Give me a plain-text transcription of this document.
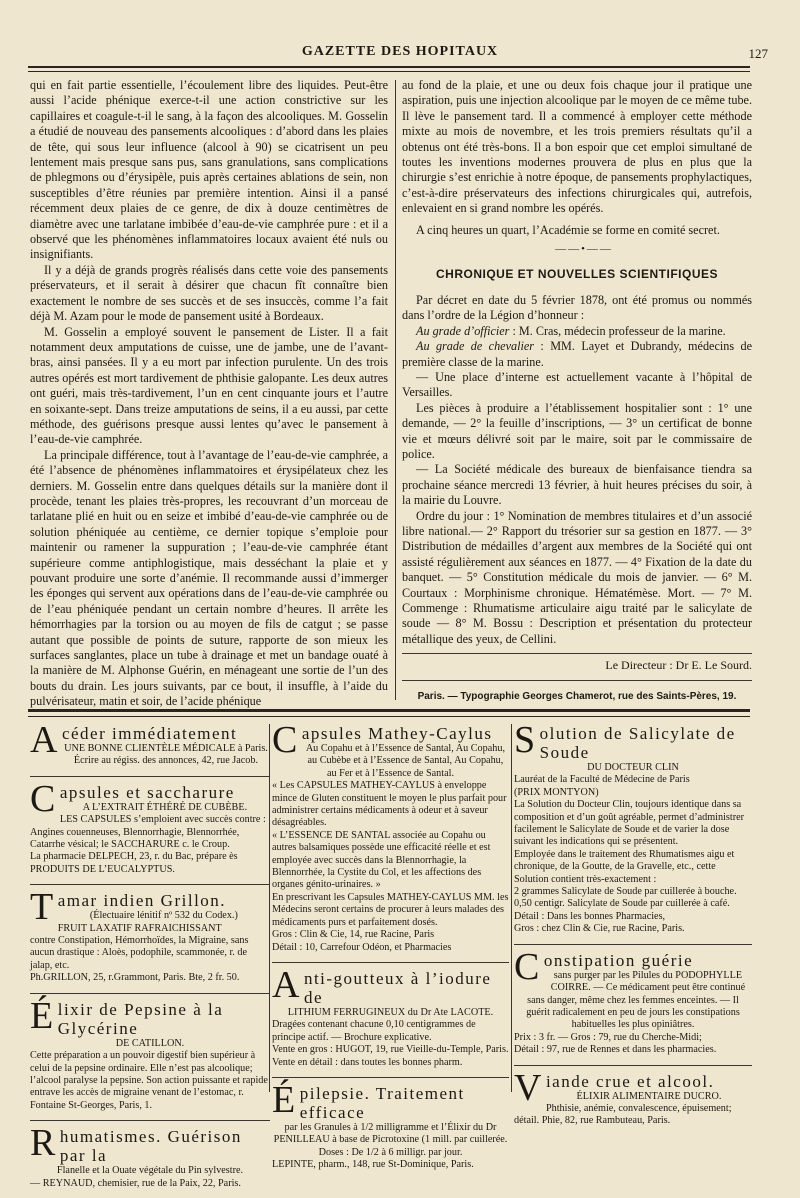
GAZETTE DES HOPITAUX	127

qui en fait partie essentielle, l’écoulement libre des liquides. Peut-être aussi l’acide phénique exerce-t-il une action constrictive sur les capillaires et coagule-t-il le sang, à la façon des alcooliques. M. Gosselin a étudié de nouveau des pansements alcooliques : d’abord dans les plaies de tête, qui sous leur influence (alcool à 90) se cicatrisent un peu lentement mais presque sans pus, sans granulations, sans complications de phlegmons ou d’érysipèle, puis après certaines ablations de sein, non susceptibles d’être réunies par première intention. Ainsi il a pansé récemment deux plaies de ce genre, de dix à douze centimètres de diamètre avec une tarlatane imbibée d’eau-de-vie camphrée pure : et il a observé que les phénomènes inflammatoires locaux avaient été nuls ou insignifiants.

Il y a déjà de grands progrès réalisés dans cette voie des pansements préservateurs, et il serait à désirer que chacun fît connaître bien exactement le nombre de ses succès et de ses insuccès, comme l’a fait déjà M. Azam pour le mode de pansement usité à Bordeaux.

M. Gosselin a employé souvent le pansement de Lister. Il a fait notamment deux amputations de cuisse, une de jambe, une de l’avant-bras, ainsi pansées. Il y a eu mort par infection purulente. Un des trois autres opérés est mort tardivement de phthisie galopante. Les deux autres ont guéri, mais très-tardivement, l’un en cent cinquante jours et l’autre en soixante-sept. Dans treize amputations de seins, il a eu aussi, par cette méthode, des guérisons presque aussi lentes qu’avec le pansement à l’eau-de-vie camphrée.

La principale différence, tout à l’avantage de l’eau-de-vie camphrée, a été l’absence de phénomènes inflammatoires et érysipélateux chez les derniers. M. Gosselin entre dans quelques détails sur la manière dont il procède, tenant les plaies très-propres, les recouvrant d’un morceau de tarlatane plié en huit ou en seize et imbibé d’eau-de-vie camphrée ou de solution phéniquée au centième, ce dernier topique s’emploie pour maintenir ou ramener la suppuration ; l’eau-de-vie camphrée étant supérieure comme antiphlogistique, mais desséchant la plaie et y pouvant produire une sorte d’anémie. Il recommande aussi d’immerger les éponges qui servent aux opérations dans de l’eau-de-vie camphrée ou de l’eau phéniquée pendant un certain nombre d’heures. Il arrête les hémorrhagies par la torsion ou au moyen de fils de catgut ; se passe autant que possible de points de suture, rapporte de son mieux les surfaces sanglantes, place un tube à drainage et met un bandage ouaté à la manière de M. Alphonse Guérin, en ménageant une sortie de l’un des bouts du drain. Les jours suivants, par ce bout, il insuffle, à l’aide du pulvérisateur, matin et soir, de l’acide phénique

au fond de la plaie, et une ou deux fois chaque jour il pratique une aspiration, puis une injection alcoolique par le moyen de ce même tube. Il lève le pansement tard. Il a commencé à employer cette méthode mixte au mois de novembre, et les trois premiers résultats qu’il a obtenus ont été très-bons. Il a bon espoir que cet emploi simultané de toutes les inventions modernes prouvera de plus en plus que la chirurgie s’est enrichie à notre époque, de pansements prophylactiques, c’est-à-dire préservateurs des infections chirurgicales qui, autrefois, enlevaient en si grand nombre les opérés.

A cinq heures un quart, l’Académie se forme en comité secret.

——•——

CHRONIQUE ET NOUVELLES SCIENTIFIQUES

Par décret en date du 5 février 1878, ont été promus ou nommés dans l’ordre de la Légion d’honneur :

Au grade d’officier : M. Cras, médecin professeur de la marine.

Au grade de chevalier : MM. Layet et Dubrandy, médecins de première classe de la marine.

— Une place d’interne est actuellement vacante à l’hôpital de Versailles.

Les pièces à produire a l’établissement hospitalier sont : 1° une demande, — 2° la feuille d’inscriptions, — 3° un certificat de bonne vie et mœurs délivré soit par le maire, soit par le commissaire de police.

— La Société médicale des bureaux de bienfaisance tiendra sa prochaine séance mercredi 13 février, à huit heures précises du soir, à la mairie du Louvre.

Ordre du jour : 1° Nomination de membres titulaires et d’un associé libre national.— 2° Rapport du trésorier sur sa gestion en 1877. — 3° Distribution de médailles d’argent aux membres de la Société qui ont assisté régulièrement aux séances en 1877. — 4° Fixation de la date du banquet. — 5° Constitution médicale du mois de janvier. — 6° M. Courtaux : Morphinisme chronique. Hématémèse. Mort. — 7° M. Commenge : Rhumatisme articulaire aigu traité par le salicylate de soude — 8° M. Bossu : Description et présentation du protecteur métallique des yeux, de Cellini.

Le Directeur : Dr E. Le Sourd.
Paris. — Typographie Georges Chamerot, rue des Saints-Pères, 19.
Acéder immédiatement
UNE BONNE CLIENTÈLE MÉDICALE à Paris. Écrire au régiss. des annonces, 42, rue Jacob.
Capsules et saccharure
A L’EXTRAIT ÉTHÉRÉ DE CUBÈBE.
LES CAPSULES s’emploient avec succès contre : Angines couenneuses, Blennorrhagie, Blennorrhée, Catarrhe vésical; le SACCHARURE c. le Croup.
La pharmacie DELPECH, 23, r. du Bac, prépare ès PRODUITS DE L’EUCALYPTUS.
Tamar indien Grillon.
(Électuaire lénitif nº 532 du Codex.)
FRUIT LAXATIF RAFRAICHISSANT
contre Constipation, Hémorrhoïdes, la Migraine, sans aucun drastique : Aloès, podophile, scammonée, r. de jalap, etc.
Ph.GRILLON, 25, r.Grammont, Paris. Bte, 2 fr. 50.
Élixir de Pepsine à la Glycérine
DE CATILLON.
Cette préparation a un pouvoir digestif bien supérieur à celui de la pepsine ordinaire. Elle n’est pas alcoolique; l’alcool paralyse la pepsine. Son action puissante et rapide entrave les accès de migraine venant de l’estomac, r. Fontaine St-Georges, Paris, 1.
Rhumatismes. Guérison par la
Flanelle et la Ouate végétale du Pin sylvestre.
— REYNAUD, chemisier, rue de la Paix, 22, Paris.
Capsules Mathey-Caylus
Au Copahu et à l’Essence de Santal, Au Copahu, au Cubèbe et à l’Essence de Santal, Au Copahu, au Fer et à l’Essence de Santal.
« Les CAPSULES MATHEY-CAYLUS à enveloppe mince de Gluten constituent le moyen le plus parfait pour administrer certains médicaments à odeur et à saveur désagréables.
« L’ESSENCE DE SANTAL associée au Copahu ou autres balsamiques possède une efficacité réelle et est employée avec succès dans la Blennorrhagie, la Blennorrhée, la Cystite du Col, et les affections des organes génito-urinaires. »
En prescrivant les Capsules MATHEY-CAYLUS MM. les Médecins seront certains de procurer à leurs malades des médicaments purs et parfaitement dosés.
Gros : Clin & Cie, 14, rue Racine, Paris
Détail : 10, Carrefour Odéon, et Pharmacies
Anti-goutteux à l’iodure de
LITHIUM FERRUGINEUX du Dr Ate LACOTE.
Dragées contenant chacune 0,10 centigrammes de principe actif. — Brochure explicative.
Vente en gros : HUGOT, 19, rue Vieille-du-Temple, Paris.
Vente en détail : dans toutes les bonnes pharm.
Épilepsie. Traitement efficace
par les Granules à 1/2 milligramme et l’Élixir du Dr PENILLEAU à base de Picrotoxine (1 mill. par cuillerée. Doses : De 1/2 à 6 milligr. par jour.
LEPINTE, pharm., 148, rue St-Dominique, Paris.
Solution de Salicylate de Soude
DU DOCTEUR CLIN
Lauréat de la Faculté de Médecine de Paris
(PRIX MONTYON)
La Solution du Docteur Clin, toujours identique dans sa composition et d’un goût agréable, permet d’administrer facilement le Salicylate de Soude et de varier la dose suivant les indications qui se présentent.
Employée dans le traitement des Rhumatismes aigu et chronique, de la Goutte, de la Gravelle, etc., cette Solution contient très-exactement :
2 grammes Salicylate de Soude par cuillerée à bouche.
0,50 centigr. Salicylate de Soude par cuillerée à café.
Détail : Dans les bonnes Pharmacies,
Gros : chez Clin & Cie, rue Racine, Paris.
Constipation guérie
sans purger par les Pilules du PODOPHYLLE COIRRE. — Ce médicament peut être continué sans danger, même chez les femmes enceintes. — Il guérit radicalement en peu de jours les constipations habituelles les plus opiniâtres.
Prix : 3 fr. — Gros : 79, rue du Cherche-Midi;
Détail : 97, rue de Rennes et dans les pharmacies.
Viande crue et alcool.
ÉLIXIR ALIMENTAIRE DUCRO.
Phthisie, anémie, convalescence, épuisement; détail. Phie, 82, rue Rambuteau, Paris.
